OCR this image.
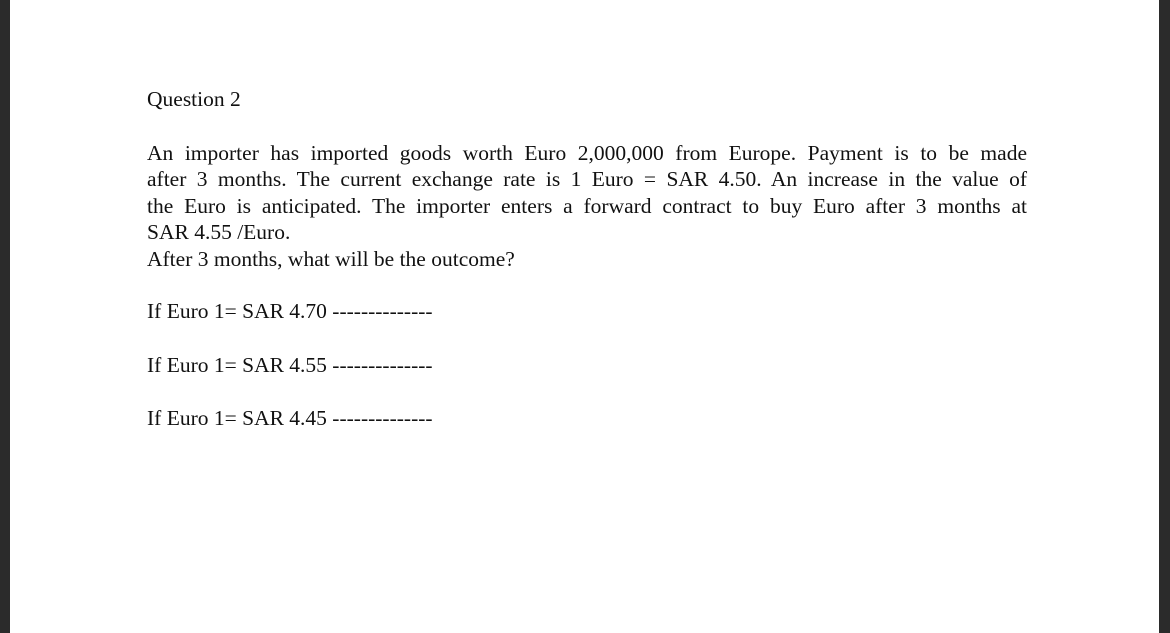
Question 2

An importer has imported goods worth Euro 2,000,000 from Europe. Payment is to be made
after 3 months. The current exchange rate is 1 Euro = SAR 4.50. An increase in the value of
the Euro is anticipated. The importer enters a forward contract to buy Euro after 3 months at
SAR 4.55 /Euro.

After 3 months, what will be the outcome?

If Euro 1= SAR 4.70 --------------

If Euro 1= SAR 4.55 --------------

If Euro 1= SAR 4.45 --------------
